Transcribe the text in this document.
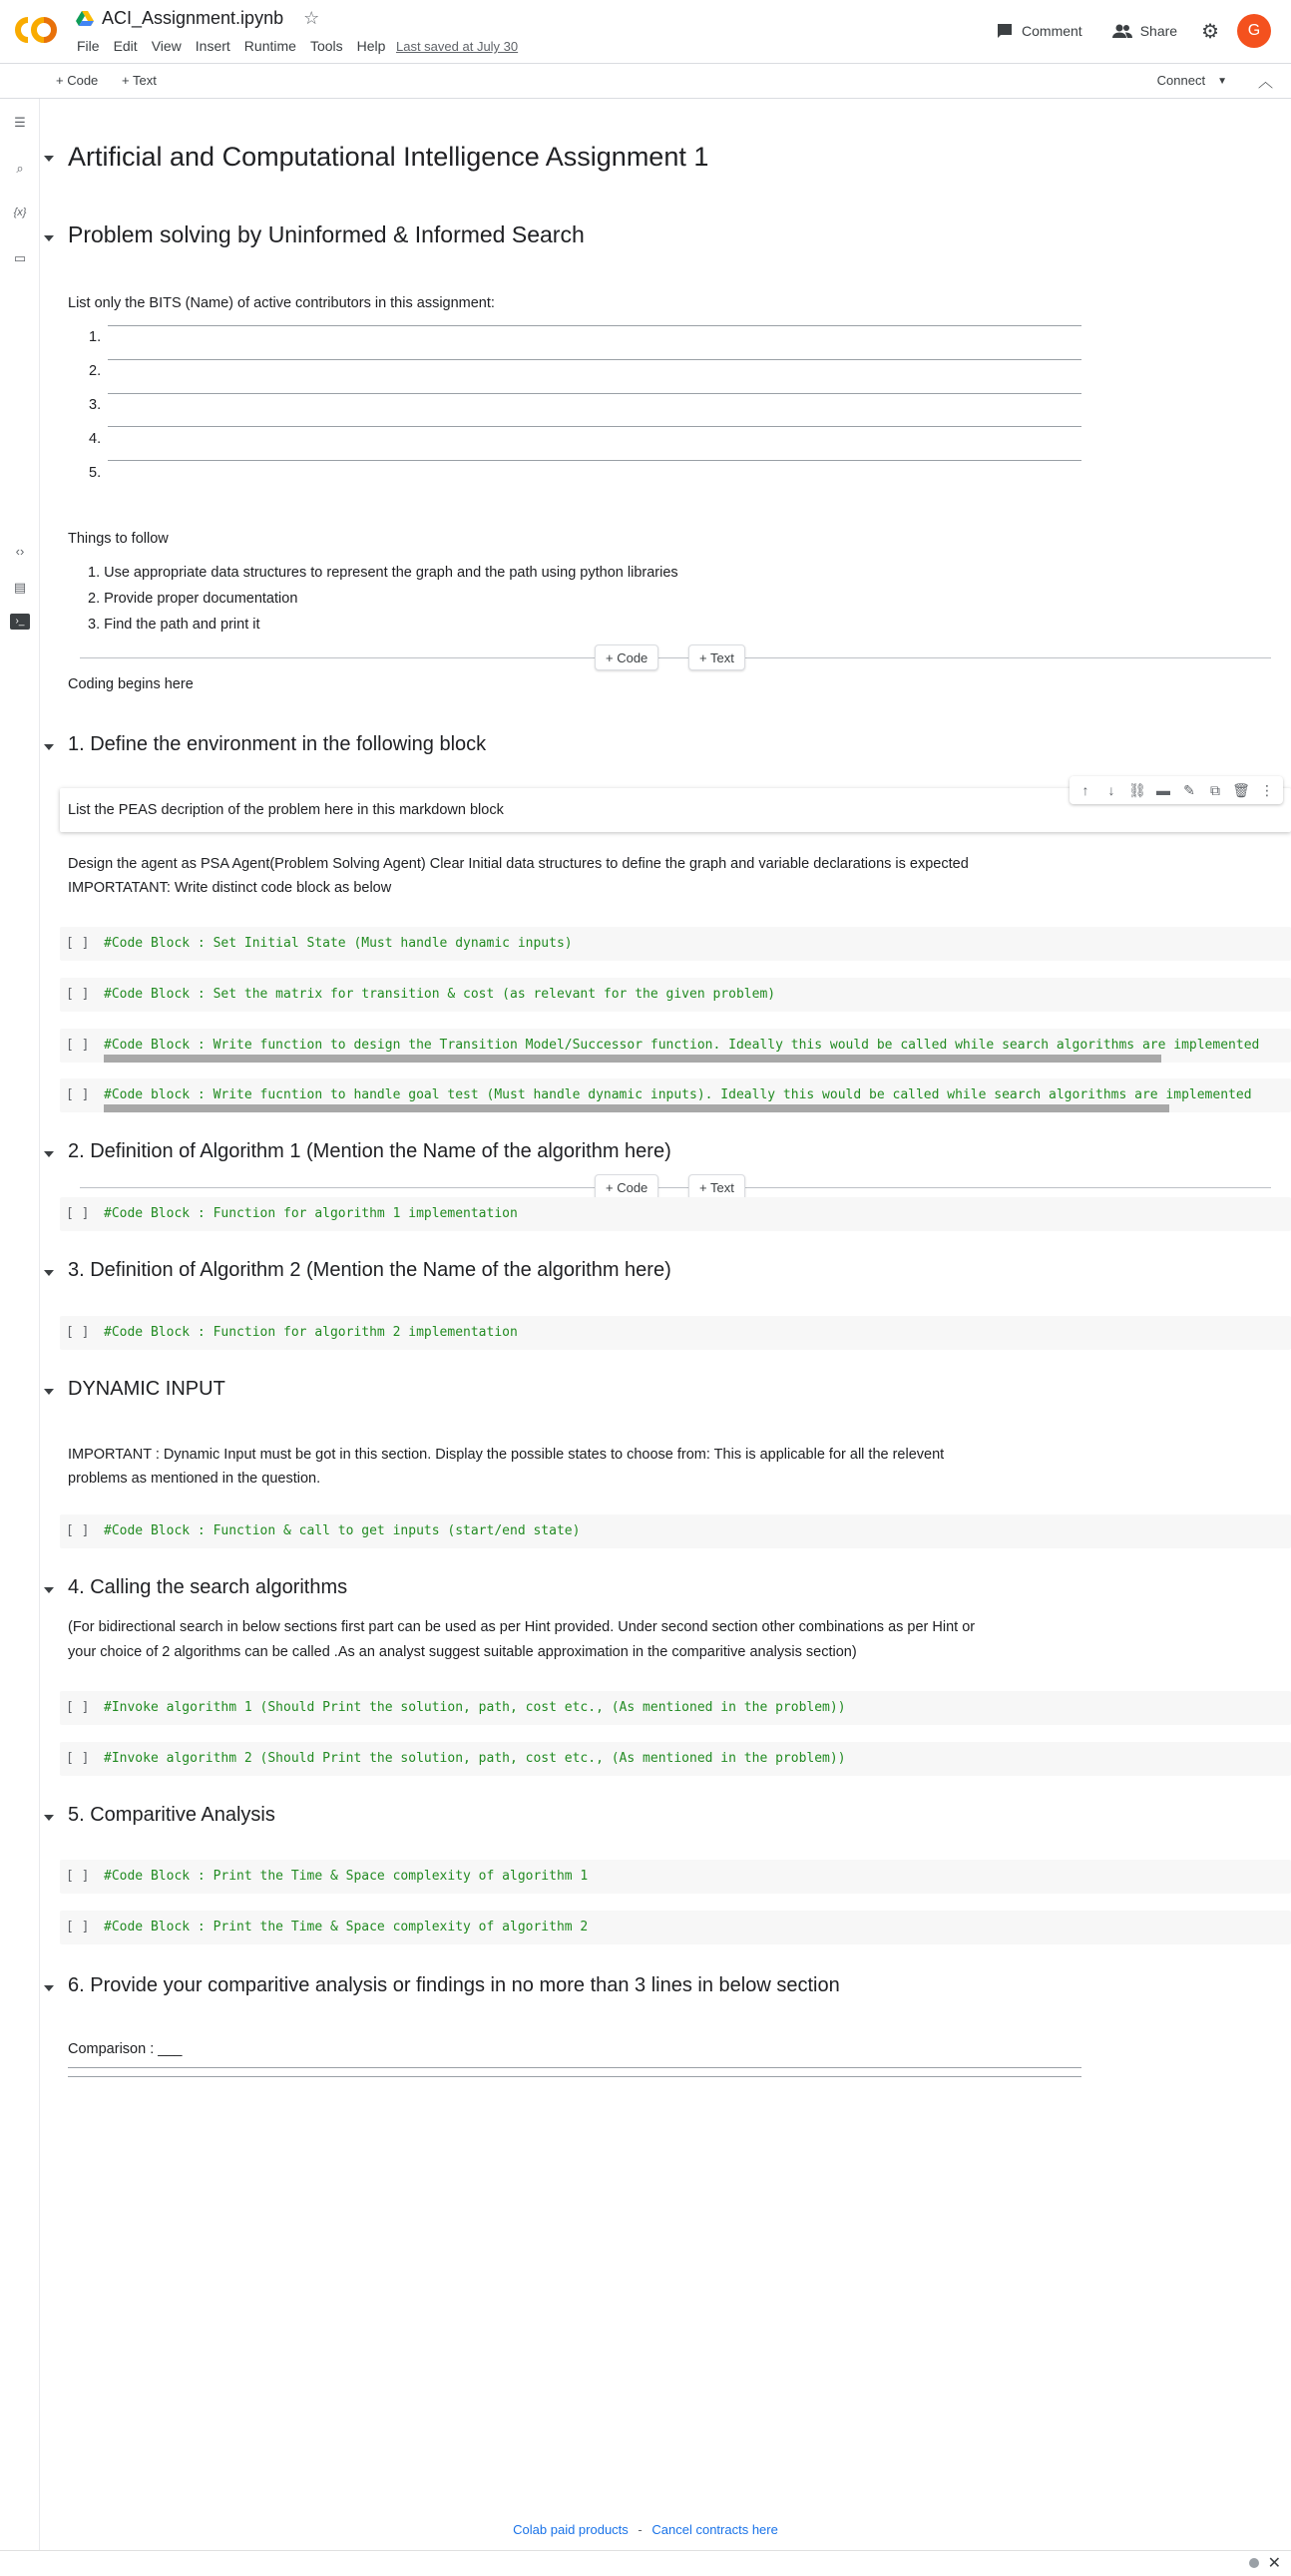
ACI_Assignment.ipynb ☆
File	Edit	View	Insert	Runtime	Tools	Help Last saved at July 30
Comment	Share ⚙	G
+ Code + Text	Connect ▼ ︿
☰
⌕
{x}
▭
‹›
▤
›_
Artificial and Computational Intelligence Assignment 1
Problem solving by Uninformed & Informed Search
List only the BITS (Name) of active contributors in this assignment:
1.
2.
3.
4.
5.
Things to follow
1. Use appropriate data structures to represent the graph and the path using python libraries
2. Provide proper documentation
3. Find the path and print it
+ Code	+ Text
Coding begins here
1. Define the environment in the following block
List the PEAS decription of the problem here in this markdown block
↑	↓ ⛓ ▬ ✎	⧉ 🗑 ⋮
Design the agent as PSA Agent(Problem Solving Agent) Clear Initial data structures to define the graph and variable declarations is expected
IMPORTATANT: Write distinct code block as below
[ ] #Code Block : Set Initial State (Must handle dynamic inputs)
[ ] #Code Block : Set the matrix for transition & cost (as relevant for the given problem)
[ ] #Code Block : Write function to design the Transition Model/Successor function. Ideally this would be called while search algorithms are implemented
[ ] #Code block : Write fucntion to handle goal test (Must handle dynamic inputs). Ideally this would be called while search algorithms are implemented
2. Definition of Algorithm 1 (Mention the Name of the algorithm here)
+ Code	+ Text
[ ] #Code Block : Function for algorithm 1 implementation
3. Definition of Algorithm 2 (Mention the Name of the algorithm here)
[ ] #Code Block : Function for algorithm 2 implementation
DYNAMIC INPUT
IMPORTANT : Dynamic Input must be got in this section. Display the possible states to choose from: This is applicable for all the relevent
problems as mentioned in the question.
[ ] #Code Block : Function & call to get inputs (start/end state)
4. Calling the search algorithms
(For bidirectional search in below sections first part can be used as per Hint provided. Under second section other combinations as per Hint or
your choice of 2 algorithms can be called .As an analyst suggest suitable approximation in the comparitive analysis section)
[ ] #Invoke algorithm 1 (Should Print the solution, path, cost etc., (As mentioned in the problem))
[ ] #Invoke algorithm 2 (Should Print the solution, path, cost etc., (As mentioned in the problem))
5. Comparitive Analysis
[ ] #Code Block : Print the Time & Space complexity of algorithm 1
[ ] #Code Block : Print the Time & Space complexity of algorithm 2
6. Provide your comparitive analysis or findings in no more than 3 lines in below section
Comparison : ___
Colab paid products - Cancel contracts here
✕
